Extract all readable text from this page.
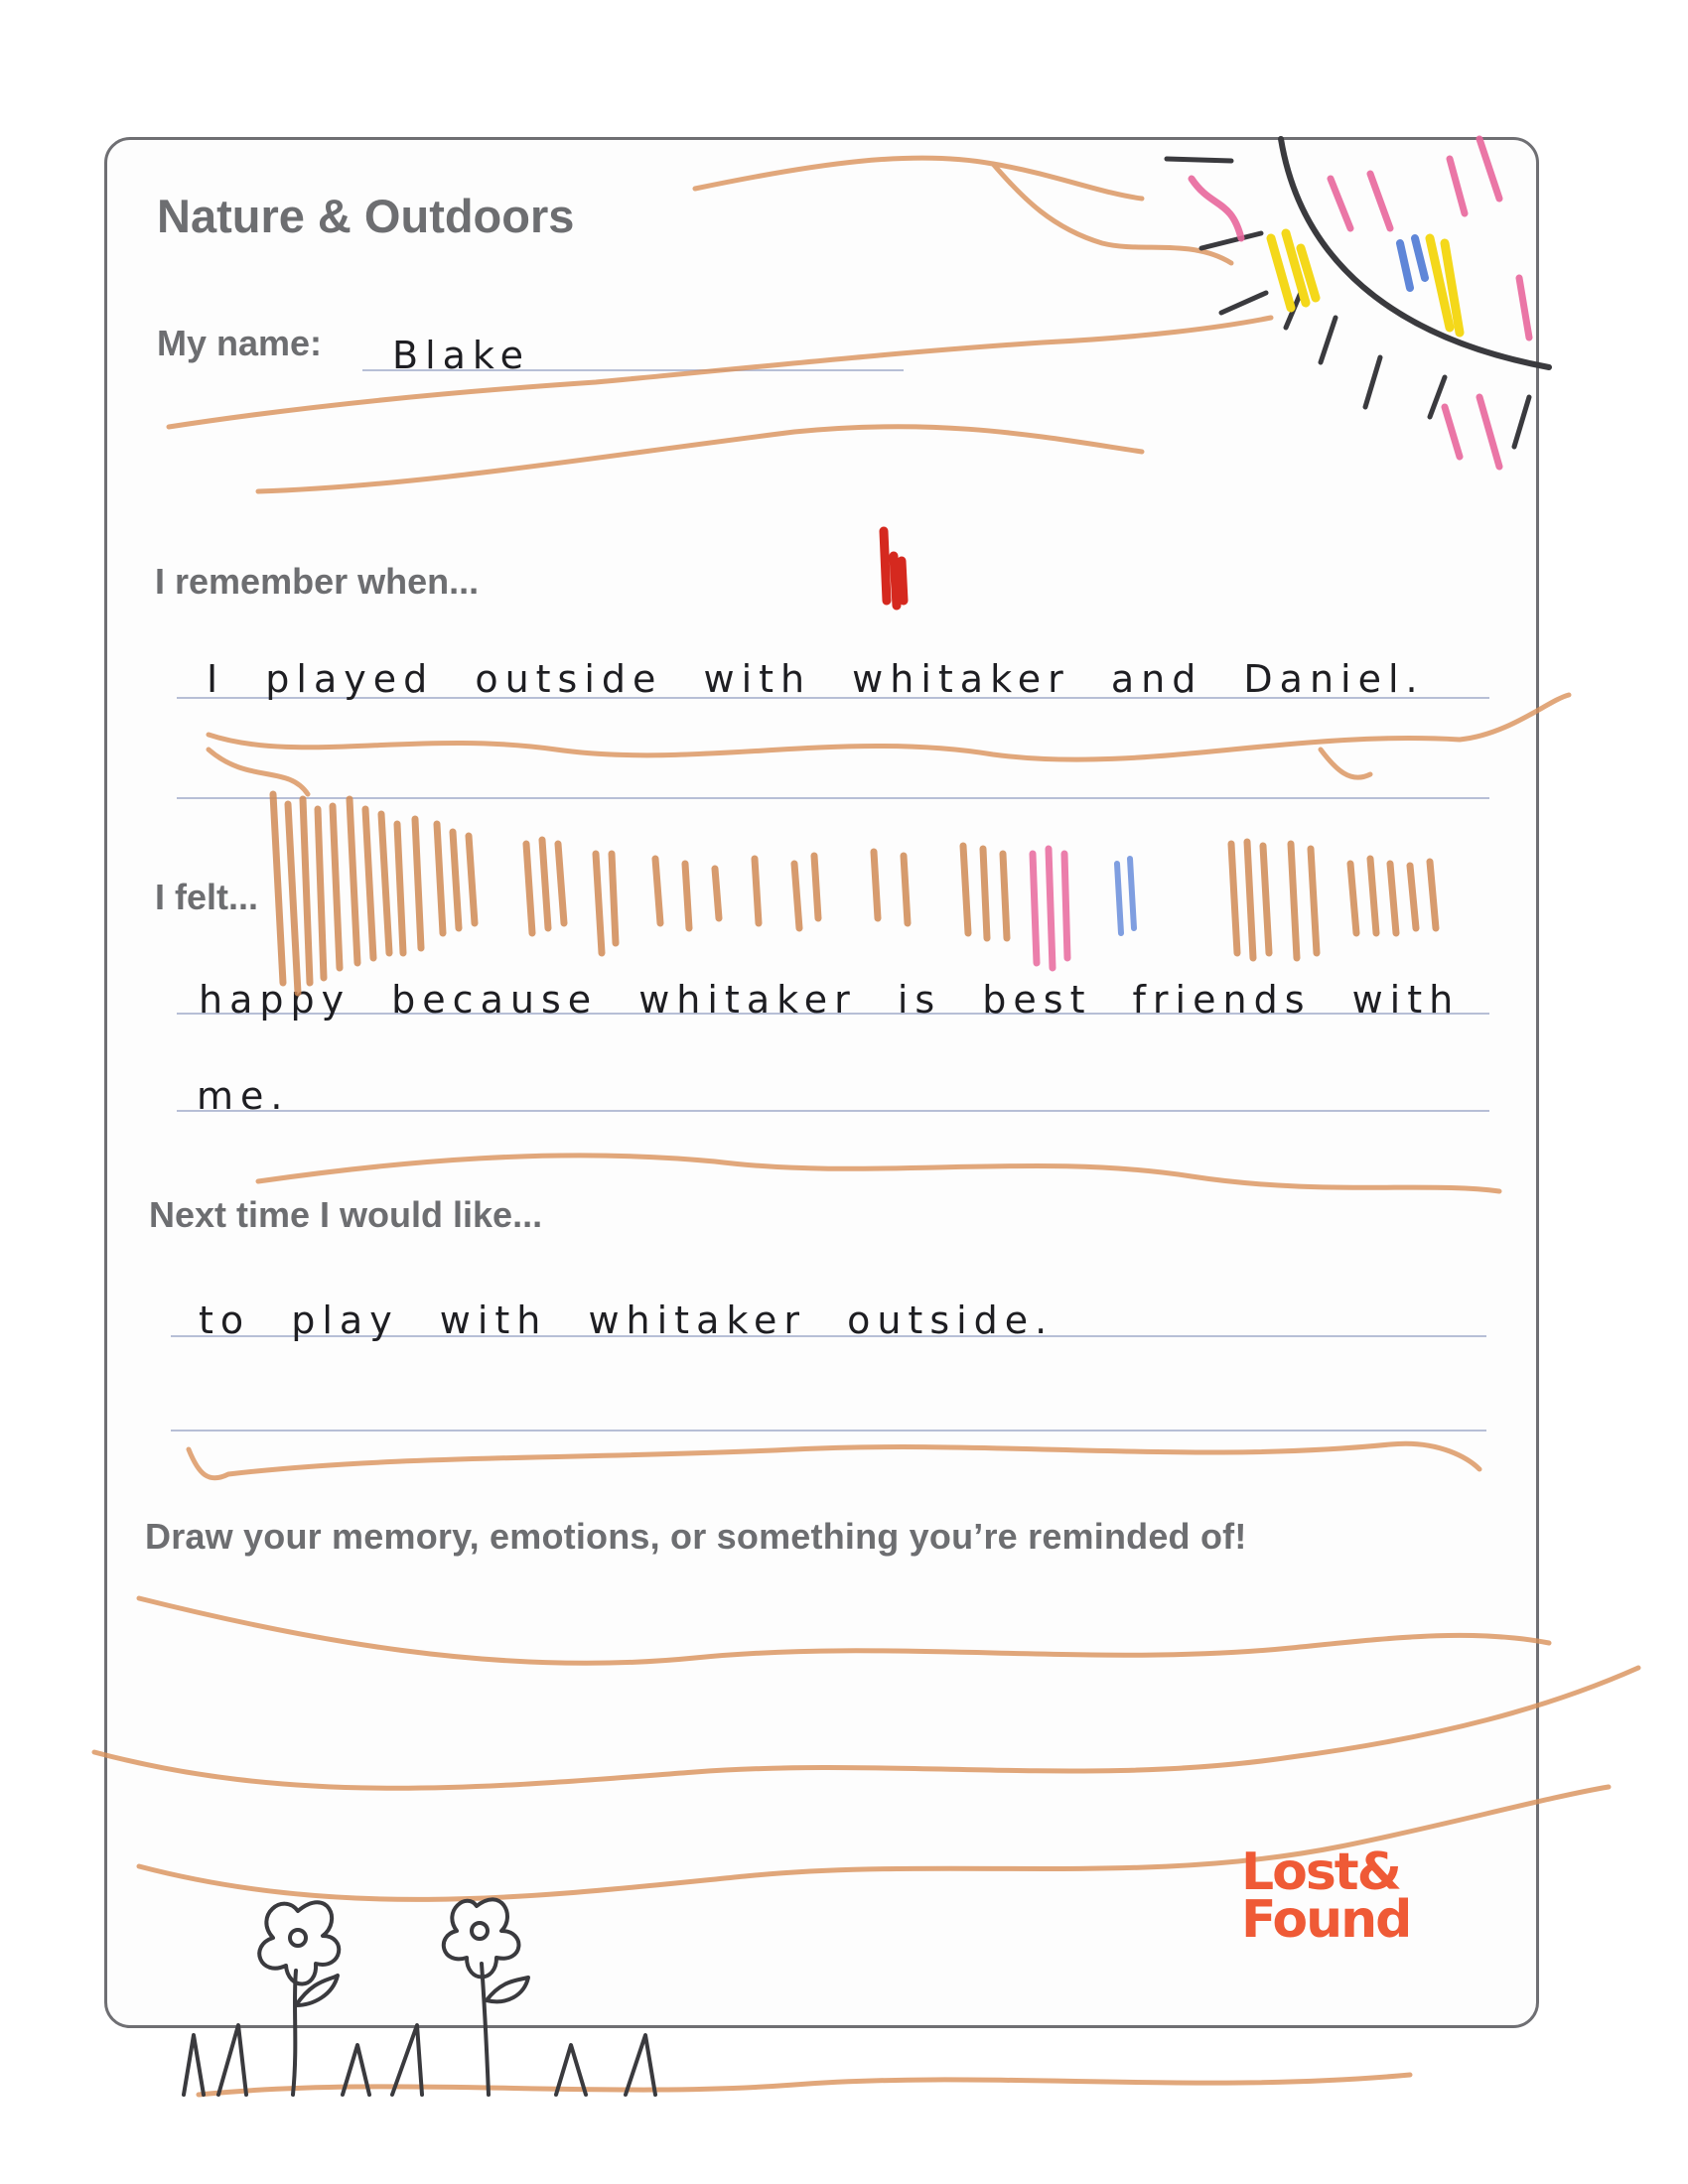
Nature & Outdoors
My name: Blake
I remember when...
I played outside with whitaker and Daniel.
I felt...
happy because whitaker is best friends with
me.
Next time I would like...
to play with whitaker outside.
Draw your memory, emotions, or something you’re reminded of!
Lost&
Found
